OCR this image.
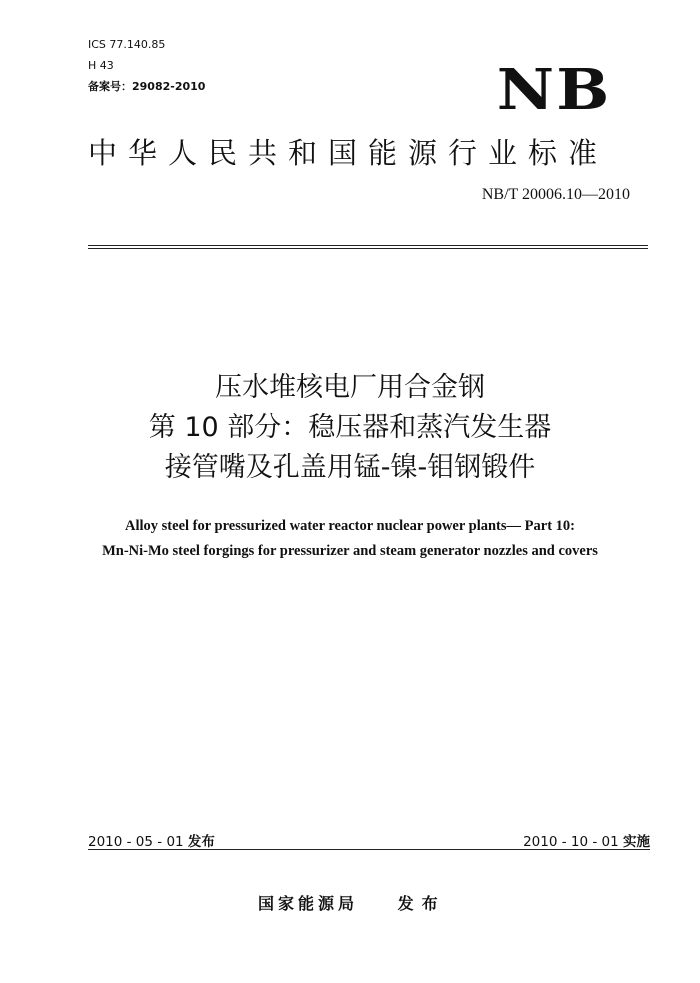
ICS 77.140.85
H 43
备案号：29082-2010	NB
中华人民共和国能源行业标准
NB/T 20006.10—2010
压水堆核电厂用合金钢
第 10 部分：稳压器和蒸汽发生器
接管嘴及孔盖用锰-镍-钼钢锻件
Alloy steel for pressurized water reactor nuclear power plants— Part 10:
Mn-Ni-Mo steel forgings for pressurizer and steam generator nozzles and covers
2010 - 05 - 01 发布	2010 - 10 - 01 实施
国家能源局 发布
